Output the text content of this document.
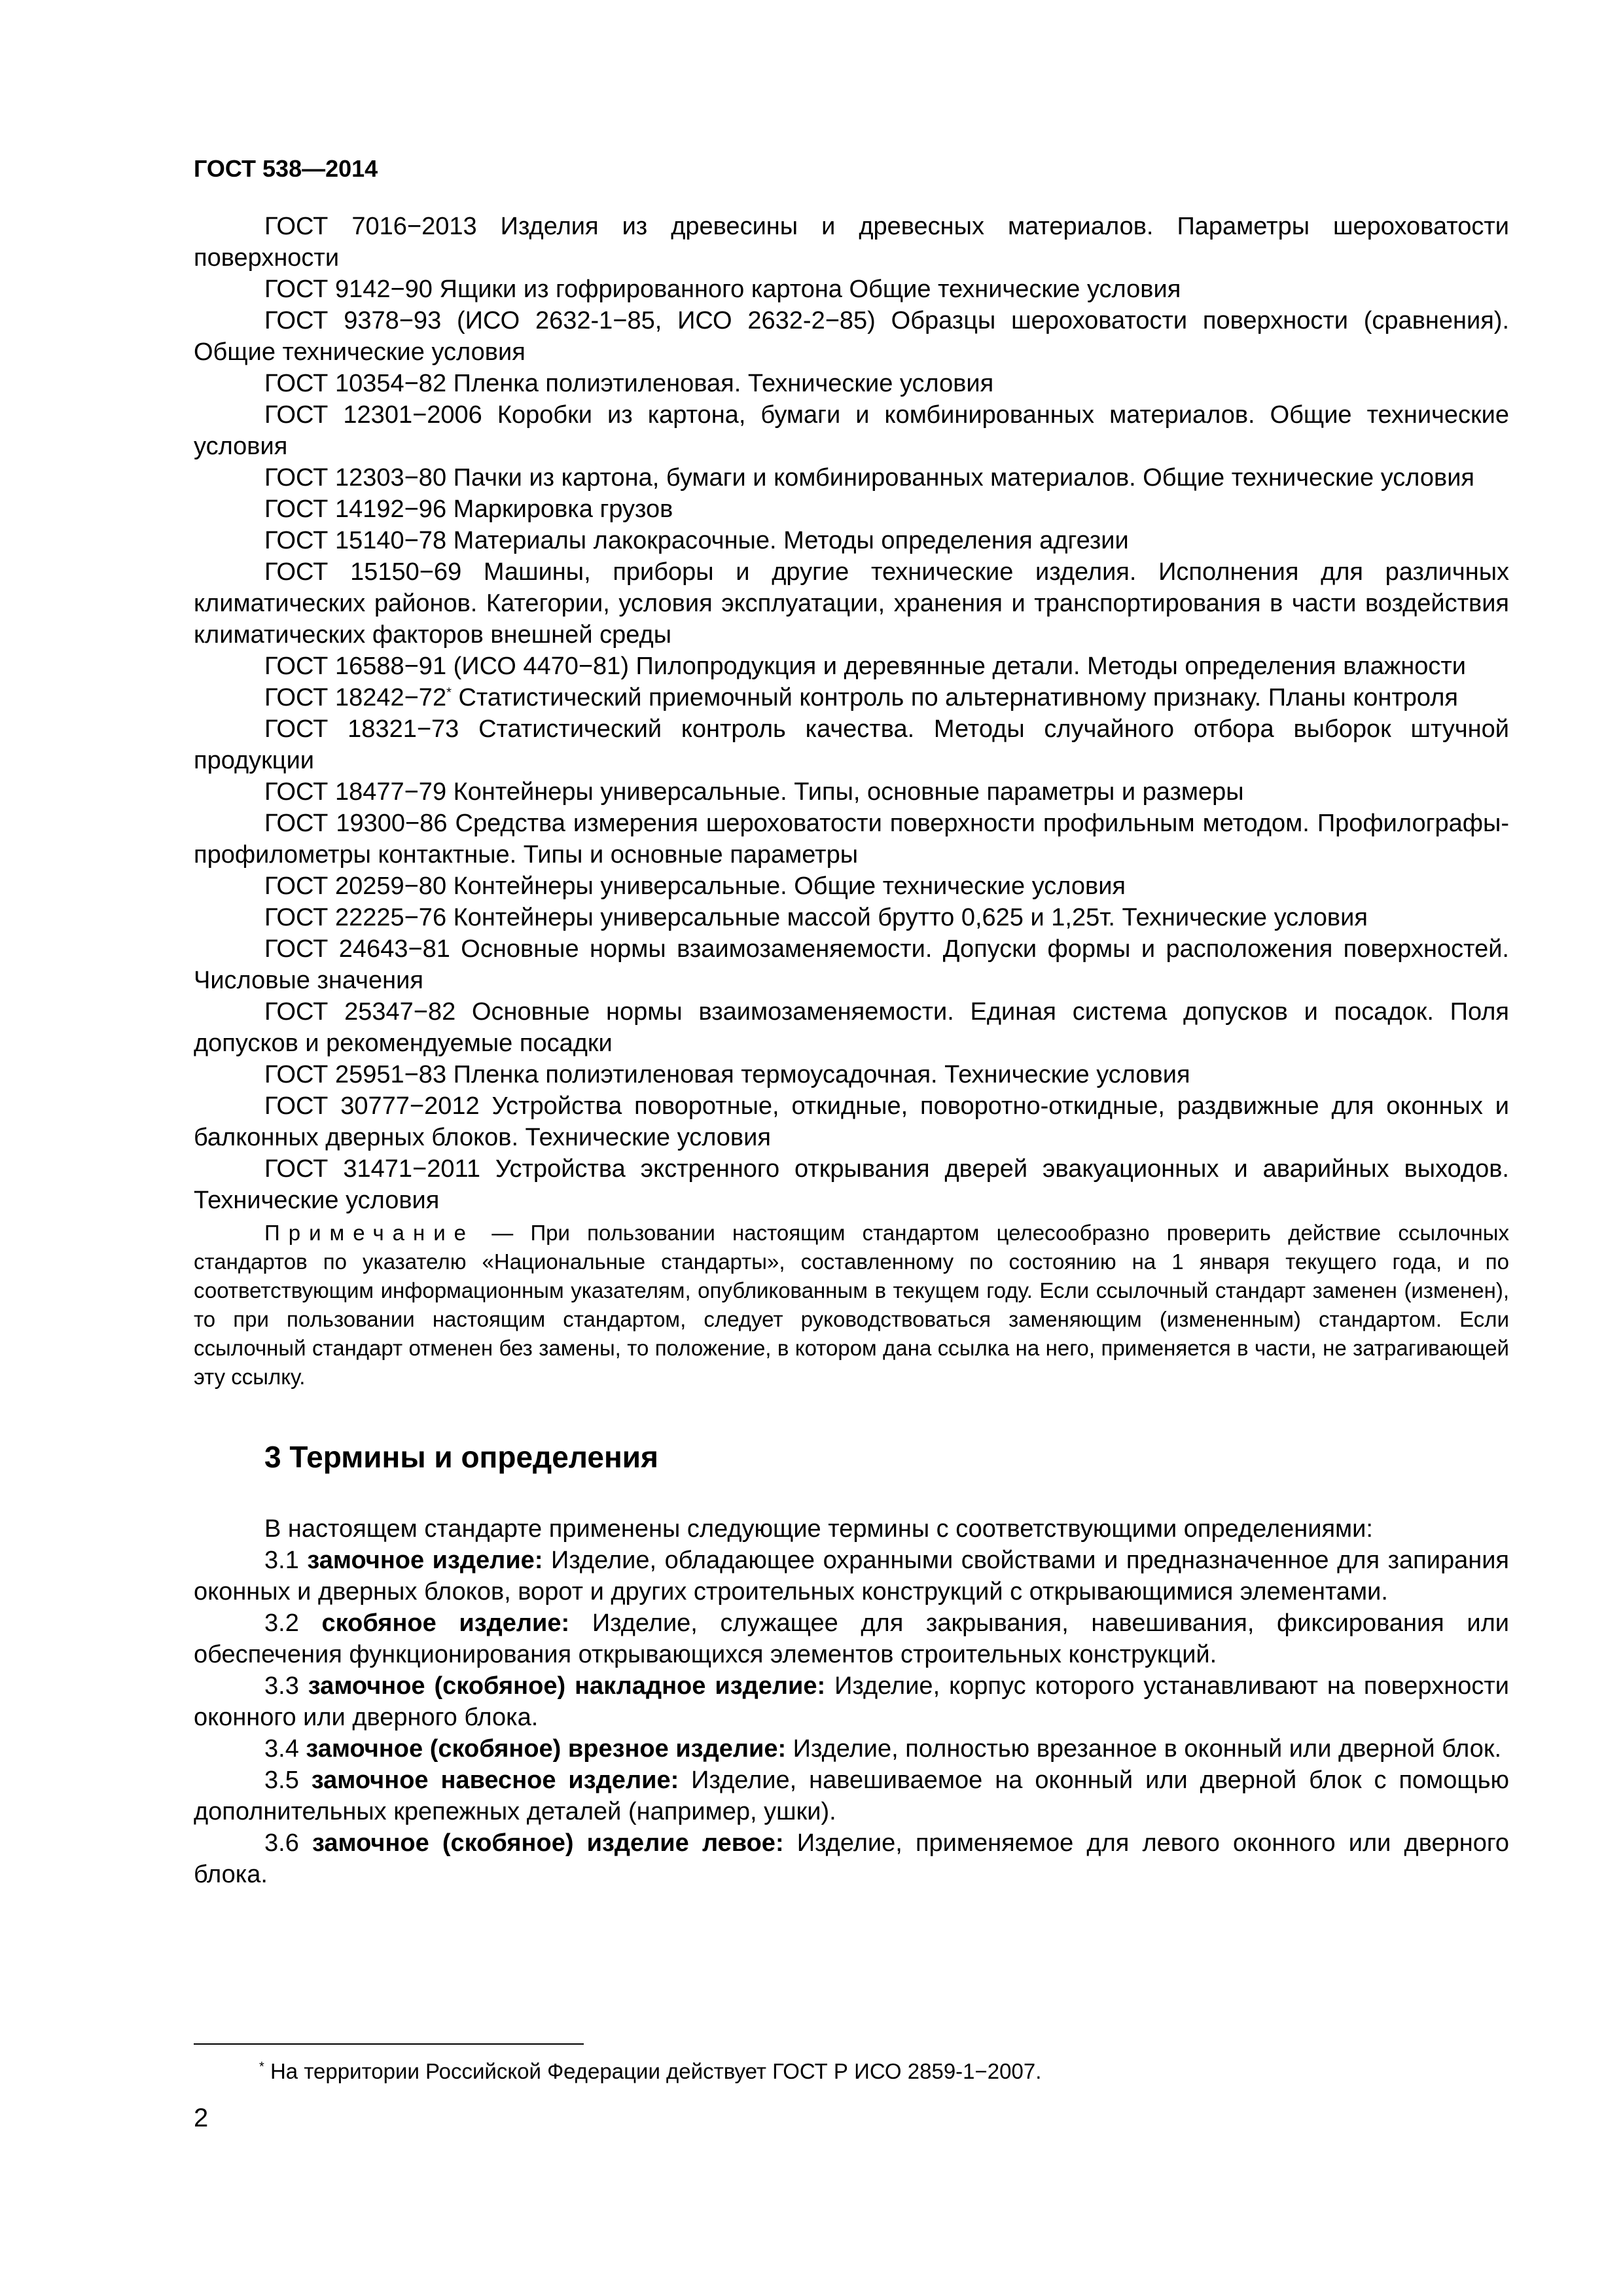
ГОСТ 538—2014

ГОСТ 7016−2013 Изделия из древесины и древесных материалов. Параметры шероховатости поверхности

ГОСТ 9142−90 Ящики из гофрированного картона Общие технические условия

ГОСТ 9378−93 (ИСО 2632-1−85, ИСО 2632-2−85) Образцы шероховатости поверхности (сравнения). Общие технические условия

ГОСТ 10354−82 Пленка полиэтиленовая. Технические условия

ГОСТ 12301−2006 Коробки из картона, бумаги и комбинированных материалов. Общие технические условия

ГОСТ 12303−80 Пачки из картона, бумаги и комбинированных материалов. Общие технические условия

ГОСТ 14192−96 Маркировка грузов

ГОСТ 15140−78 Материалы лакокрасочные. Методы определения адгезии

ГОСТ 15150−69 Машины, приборы и другие технические изделия. Исполнения для различных климатических районов. Категории, условия эксплуатации, хранения и транспортирования в части воздействия климатических факторов внешней среды

ГОСТ 16588−91 (ИСО 4470−81) Пилопродукция и деревянные детали. Методы определения влажности

ГОСТ 18242−72* Статистический приемочный контроль по альтернативному признаку. Планы контроля

ГОСТ 18321−73 Статистический контроль качества. Методы случайного отбора выборок штучной продукции

ГОСТ 18477−79 Контейнеры универсальные. Типы, основные параметры и размеры

ГОСТ 19300−86 Средства измерения шероховатости поверхности профильным методом. Профилографы-профилометры контактные. Типы и основные параметры

ГОСТ 20259−80 Контейнеры универсальные. Общие технические условия

ГОСТ 22225−76 Контейнеры универсальные массой брутто 0,625 и 1,25т. Технические условия

ГОСТ 24643−81 Основные нормы взаимозаменяемости. Допуски формы и расположения поверхностей. Числовые значения

ГОСТ 25347−82 Основные нормы взаимозаменяемости. Единая система допусков и посадок. Поля допусков и рекомендуемые посадки

ГОСТ 25951−83 Пленка полиэтиленовая термоусадочная. Технические условия

ГОСТ 30777−2012 Устройства поворотные, откидные, поворотно-откидные, раздвижные для оконных и балконных дверных блоков. Технические условия

ГОСТ 31471−2011 Устройства экстренного открывания дверей эвакуационных и аварийных выходов. Технические условия

Примечание — При пользовании настоящим стандартом целесообразно проверить действие ссылочных стандартов по указателю «Национальные стандарты», составленному по состоянию на 1 января текущего года, и по соответствующим информационным указателям, опубликованным в текущем году. Если ссылочный стандарт заменен (изменен), то при пользовании настоящим стандартом, следует руководствоваться заменяющим (измененным) стандартом. Если ссылочный стандарт отменен без замены, то положение, в котором дана ссылка на него, применяется в части, не затрагивающей эту ссылку.

3 Термины и определения

В настоящем стандарте применены следующие термины с соответствующими определениями:

3.1 замочное изделие: Изделие, обладающее охранными свойствами и предназначенное для запирания оконных и дверных блоков, ворот и других строительных конструкций с открывающимися элементами.

3.2 скобяное изделие: Изделие, служащее для закрывания, навешивания, фиксирования или обеспечения функционирования открывающихся элементов строительных конструкций.

3.3 замочное (скобяное) накладное изделие: Изделие, корпус которого устанавливают на поверхности оконного или дверного блока.

3.4 замочное (скобяное) врезное изделие: Изделие, полностью врезанное в оконный или дверной блок.

3.5 замочное навесное изделие: Изделие, навешиваемое на оконный или дверной блок с помощью дополнительных крепежных деталей (например, ушки).

3.6 замочное (скобяное) изделие левое: Изделие, применяемое для левого оконного или дверного блока.

* На территории Российской Федерации действует ГОСТ Р ИСО 2859-1−2007.
2
